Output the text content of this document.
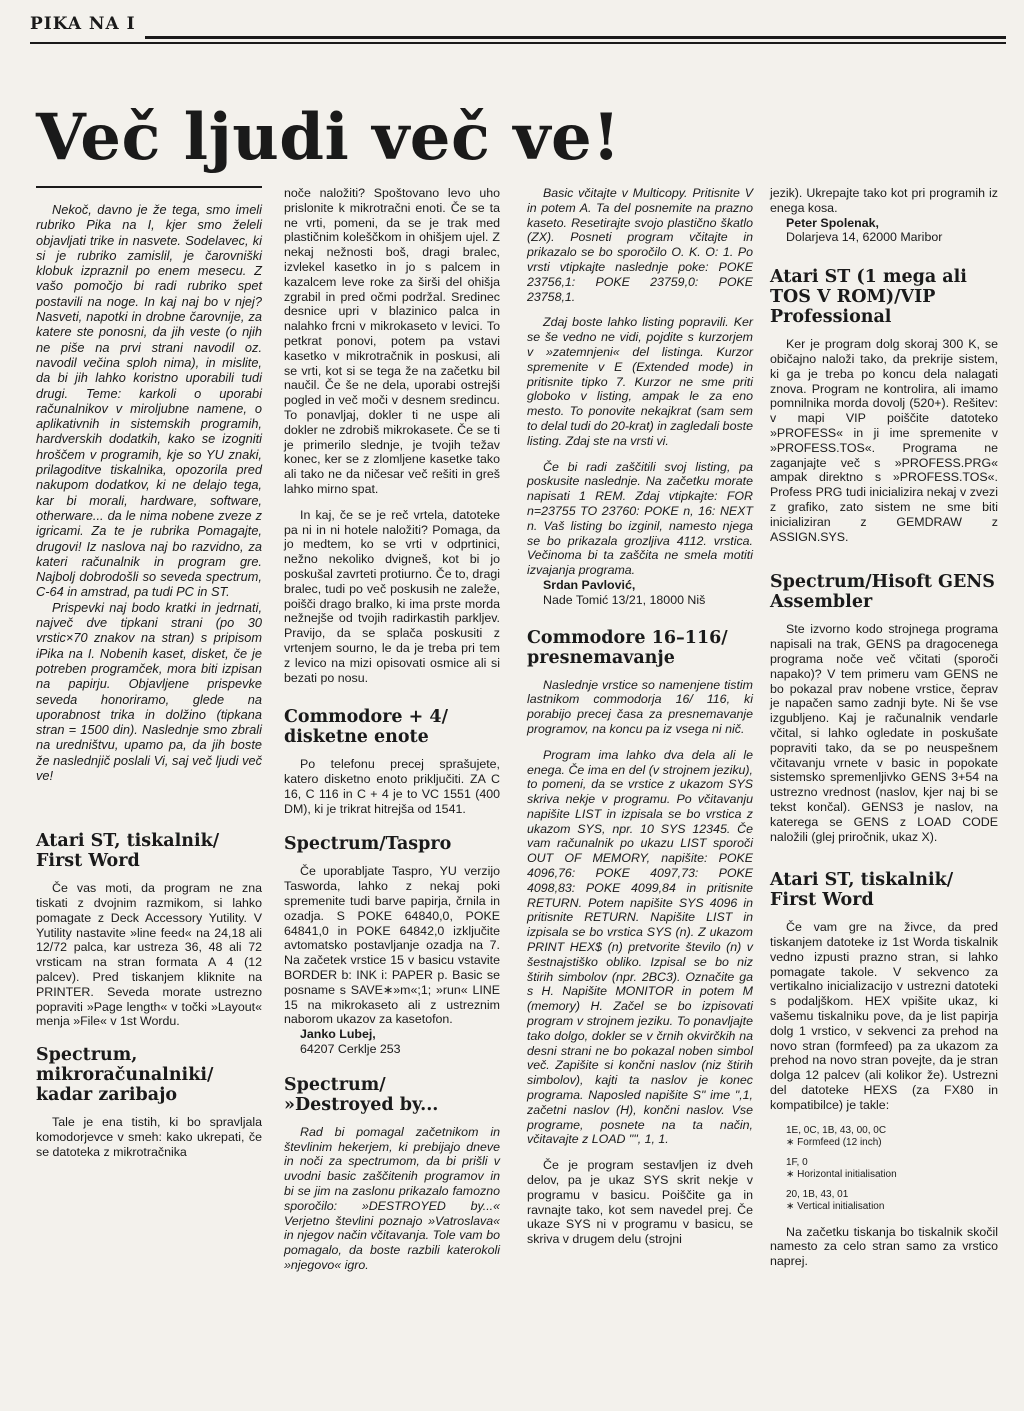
PIKA NA I
Več ljudi več ve!

Nekoč, davno je že tega, smo imeli rubriko Pika na I, kjer smo želeli objavljati trike in nasvete. Sodelavec, ki si je rubriko zamislil, je čarovniški klobuk izpraznil po enem mesecu. Z vašo pomočjo bi radi rubriko spet postavili na noge. In kaj naj bo v njej? Nasveti, napotki in drobne čarovnije, za katere ste ponosni, da jih veste (o njih ne piše na prvi strani navodil oz. navodil večina sploh nima), in mislite, da bi jih lahko koristno uporabili tudi drugi. Teme: karkoli o uporabi računalnikov v miroljubne namene, o aplikativnih in sistemskih programih, hardverskih dodatkih, kako se izogniti hroščem v programih, kje so YU znaki, prilagoditve tiskalnika, opozorila pred nakupom dodatkov, ki ne delajo tega, kar bi morali, hardware, software, otherware... da le nima nobene zveze z igricami. Za te je rubrika Pomagajte, drugovi! Iz naslova naj bo razvidno, za kateri računalnik in program gre. Najbolj dobrodošli so seveda spectrum, C-64 in amstrad, pa tudi PC in ST.

Prispevki naj bodo kratki in jedrnati, največ dve tipkani strani (po 30 vrstic×70 znakov na stran) s pripisom iPika na I. Nobenih kaset, disket, če je potreben programček, mora biti izpisan na papirju. Objavljene prispevke seveda honoriramo, glede na uporabnost trika in dolžino (tipkana stran = 1500 din). Naslednje smo zbrali na uredništvu, upamo pa, da jih boste že naslednjič poslali Vi, saj več ljudi več ve!

Atari ST, tiskalnik/ First Word

Če vas moti, da program ne zna tiskati z dvojnim razmikom, si lahko pomagate z Deck Accessory Yutility. V Yutility nastavite »line feed« na 24,18 ali 12/72 palca, kar ustreza 36, 48 ali 72 vrsticam na stran formata A 4 (12 palcev). Pred tiskanjem kliknite na PRINTER. Seveda morate ustrezno popraviti »Page length« v točki »Layout« menja »File« v 1st Wordu.

Spectrum, mikroračunalniki/ kadar zaribajo

Tale je ena tistih, ki bo spravljala komodorjevce v smeh: kako ukrepati, če se datoteka z mikrotračnika

noče naložiti? Spoštovano levo uho prislonite k mikrotračni enoti. Če se ta ne vrti, pomeni, da se je trak med plastičnim koleščkom in ohišjem ujel. Z nekaj nežnosti boš, dragi bralec, izvlekel kasetko in jo s palcem in kazalcem leve roke za širši del ohišja zgrabil in pred očmi podržal. Sredinec desnice upri v blazinico palca in nalahko frcni v mikrokaseto v levici. To petkrat ponovi, potem pa vstavi kasetko v mikrotračnik in poskusi, ali se vrti, kot si se tega že na začetku bil naučil. Če še ne dela, uporabi ostrejši pogled in več moči v desnem sredincu. To ponavljaj, dokler ti ne uspe ali dokler ne zdrobiš mikrokasete. Če se ti je primerilo slednje, je tvojih težav konec, ker se z zlomljene kasetke tako ali tako ne da ničesar več rešiti in greš lahko mirno spat.

In kaj, če se je reč vrtela, datoteke pa ni in ni hotele naložiti? Pomaga, da jo medtem, ko se vrti v odprtinici, nežno nekoliko dvigneš, kot bi jo poskušal zavrteti protiurno. Če to, dragi bralec, tudi po več poskusih ne zaleže, poišči drago bralko, ki ima prste morda nežnejše od tvojih radirkastih parkljev. Pravijo, da se splača poskusiti z vrtenjem sourno, le da je treba pri tem z levico na mizi opisovati osmice ali si bezati po nosu.

Commodore + 4/ disketne enote

Po telefonu precej sprašujete, katero disketno enoto priključiti. ZA C 16, C 116 in C + 4 je to VC 1551 (400 DM), ki je trikrat hitrejša od 1541.

Spectrum/Taspro

Če uporabljate Taspro, YU verzijo Tasworda, lahko z nekaj poki spremenite tudi barve papirja, črnila in ozadja. S POKE 64840,0, POKE 64841,0 in POKE 64842,0 izključite avtomatsko postavljanje ozadja na 7. Na začetek vrstice 15 v basicu vstavite BORDER b: INK i: PAPER p. Basic se posname s SAVE∗»m«;1; »run« LINE 15 na mikrokaseto ali z ustreznim naborom ukazov za kasetofon.

Janko Lubej,

64207 Cerklje 253

Spectrum/ »Destroyed by...

Rad bi pomagal začetnikom in števlinim hekerjem, ki prebijajo dneve in noči za spectrumom, da bi prišli v uvodni basic zaščitenih programov in bi se jim na zaslonu prikazalo famozno sporočilo: »DESTROYED by...« Verjetno števlini poznajo »Vatroslava« in njegov način včitavanja. Tole vam bo pomagalo, da boste razbili katerokoli »njegovo« igro.

Basic včitajte v Multicopy. Pritisnite V in potem A. Ta del posnemite na prazno kaseto. Resetirajte svojo plastično škatlo (ZX). Posneti program včitajte in prikazalo se bo sporočilo O. K. O: 1. Po vrsti vtipkajte naslednje poke: POKE 23756,1: POKE 23759,0: POKE 23758,1.

Zdaj boste lahko listing popravili. Ker se še vedno ne vidi, pojdite s kurzorjem v »zatemnjeni« del listinga. Kurzor spremenite v E (Extended mode) in pritisnite tipko 7. Kurzor ne sme priti globoko v listing, ampak le za eno mesto. To ponovite nekajkrat (sam sem to delal tudi do 20-krat) in zagledali boste listing. Zdaj ste na vrsti vi.

Če bi radi zaščitili svoj listing, pa poskusite naslednje. Na začetku morate napisati 1 REM. Zdaj vtipkajte: FOR n=23755 TO 23760: POKE n, 16: NEXT n. Vaš listing bo izginil, namesto njega se bo prikazala grozljiva 4112. vrstica. Večinoma bi ta zaščita ne smela motiti izvajanja programa.

Srdan Pavlović,

Nade Tomić 13/21, 18000 Niš

Commodore 16–116/ presnemavanje

Naslednje vrstice so namenjene tistim lastnikom commodorja 16/ 116, ki porabijo precej časa za presnemavanje programov, na koncu pa iz vsega ni nič.

Program ima lahko dva dela ali le enega. Če ima en del (v strojnem jeziku), to pomeni, da se vrstice z ukazom SYS skriva nekje v programu. Po včitavanju napišite LIST in izpisala se bo vrstica z ukazom SYS, npr. 10 SYS 12345. Če vam računalnik po ukazu LIST sporoči OUT OF MEMORY, napišite: POKE 4096,76: POKE 4097,73: POKE 4098,83: POKE 4099,84 in pritisnite RETURN. Potem napišite SYS 4096 in pritisnite RETURN. Napišite LIST in izpisala se bo vrstica SYS (n). Z ukazom PRINT HEX$ (n) pretvorite število (n) v šestnajstiško obliko. Izpisal se bo niz štirih simbolov (npr. 2BC3). Označite ga s H. Napišite MONITOR in potem M (memory) H. Začel se bo izpisovati program v strojnem jeziku. To ponavljajte tako dolgo, dokler se v črnih okvirčkih na desni strani ne bo pokazal noben simbol več. Zapišite si končni naslov (niz štirih simbolov), kajti ta naslov je konec programa. Naposled napišite S" ime ",1, začetni naslov (H), končni naslov. Vse programe, posnete na ta način, včitavajte z LOAD "", 1, 1.

Če je program sestavljen iz dveh delov, pa je ukaz SYS skrit nekje v programu v basicu. Poiščite ga in ravnajte tako, kot sem navedel prej. Če ukaze SYS ni v programu v basicu, se skriva v drugem delu (strojni

jezik). Ukrepajte tako kot pri programih iz enega kosa.

Peter Spolenak,

Dolarjeva 14, 62000 Maribor

Atari ST (1 mega ali TOS V ROM)/VIP Professional

Ker je program dolg skoraj 300 K, se običajno naloži tako, da prekrije sistem, ki ga je treba po koncu dela nalagati znova. Program ne kontrolira, ali imamo pomnilnika morda dovolj (520+). Rešitev: v mapi VIP poiščite datoteko »PROFESS« in ji ime spremenite v »PROFESS.TOS«. Programa ne zaganjajte več s »PROFESS.PRG« ampak direktno s »PROFESS.TOS«. Profess PRG tudi inicializira nekaj v zvezi z grafiko, zato sistem ne sme biti inicializiran z GEMDRAW z ASSIGN.SYS.

Spectrum/Hisoft GENS Assembler

Ste izvorno kodo strojnega programa napisali na trak, GENS pa dragocenega programa noče več včitati (sporoči napako)? V tem primeru vam GENS ne bo pokazal prav nobene vrstice, čeprav je napačen samo zadnji byte. Ni še vse izgubljeno. Kaj je računalnik vendarle včital, si lahko ogledate in poskušate popraviti tako, da se po neuspešnem včitavanju vrnete v basic in popokate sistemsko spremenljivko GENS 3+54 na ustrezno vrednost (naslov, kjer naj bi se tekst končal). GENS3 je naslov, na katerega se GENS z LOAD CODE naložili (glej priročnik, ukaz X).

Atari ST, tiskalnik/ First Word

Če vam gre na živce, da pred tiskanjem datoteke iz 1st Worda tiskalnik vedno izpusti prazno stran, si lahko pomagate takole. V sekvenco za vertikalno inicializacijo v ustrezni datoteki s podaljškom. HEX vpišite ukaz, ki vašemu tiskalniku pove, da je list papirja dolg 1 vrstico, v sekvenci za prehod na novo stran (formfeed) pa za ukazom za prehod na novo stran povejte, da je stran dolga 12 palcev (ali kolikor že). Ustrezni del datoteke HEXS (za FX80 in kompatibilce) je takle:

1E, 0C, 1B, 43, 00, 0C

∗ Formfeed (12 inch)

1F, 0

∗ Horizontal initialisation

20, 1B, 43, 01

∗ Vertical initialisation

Na začetku tiskanja bo tiskalnik skočil namesto za celo stran samo za vrstico naprej.
